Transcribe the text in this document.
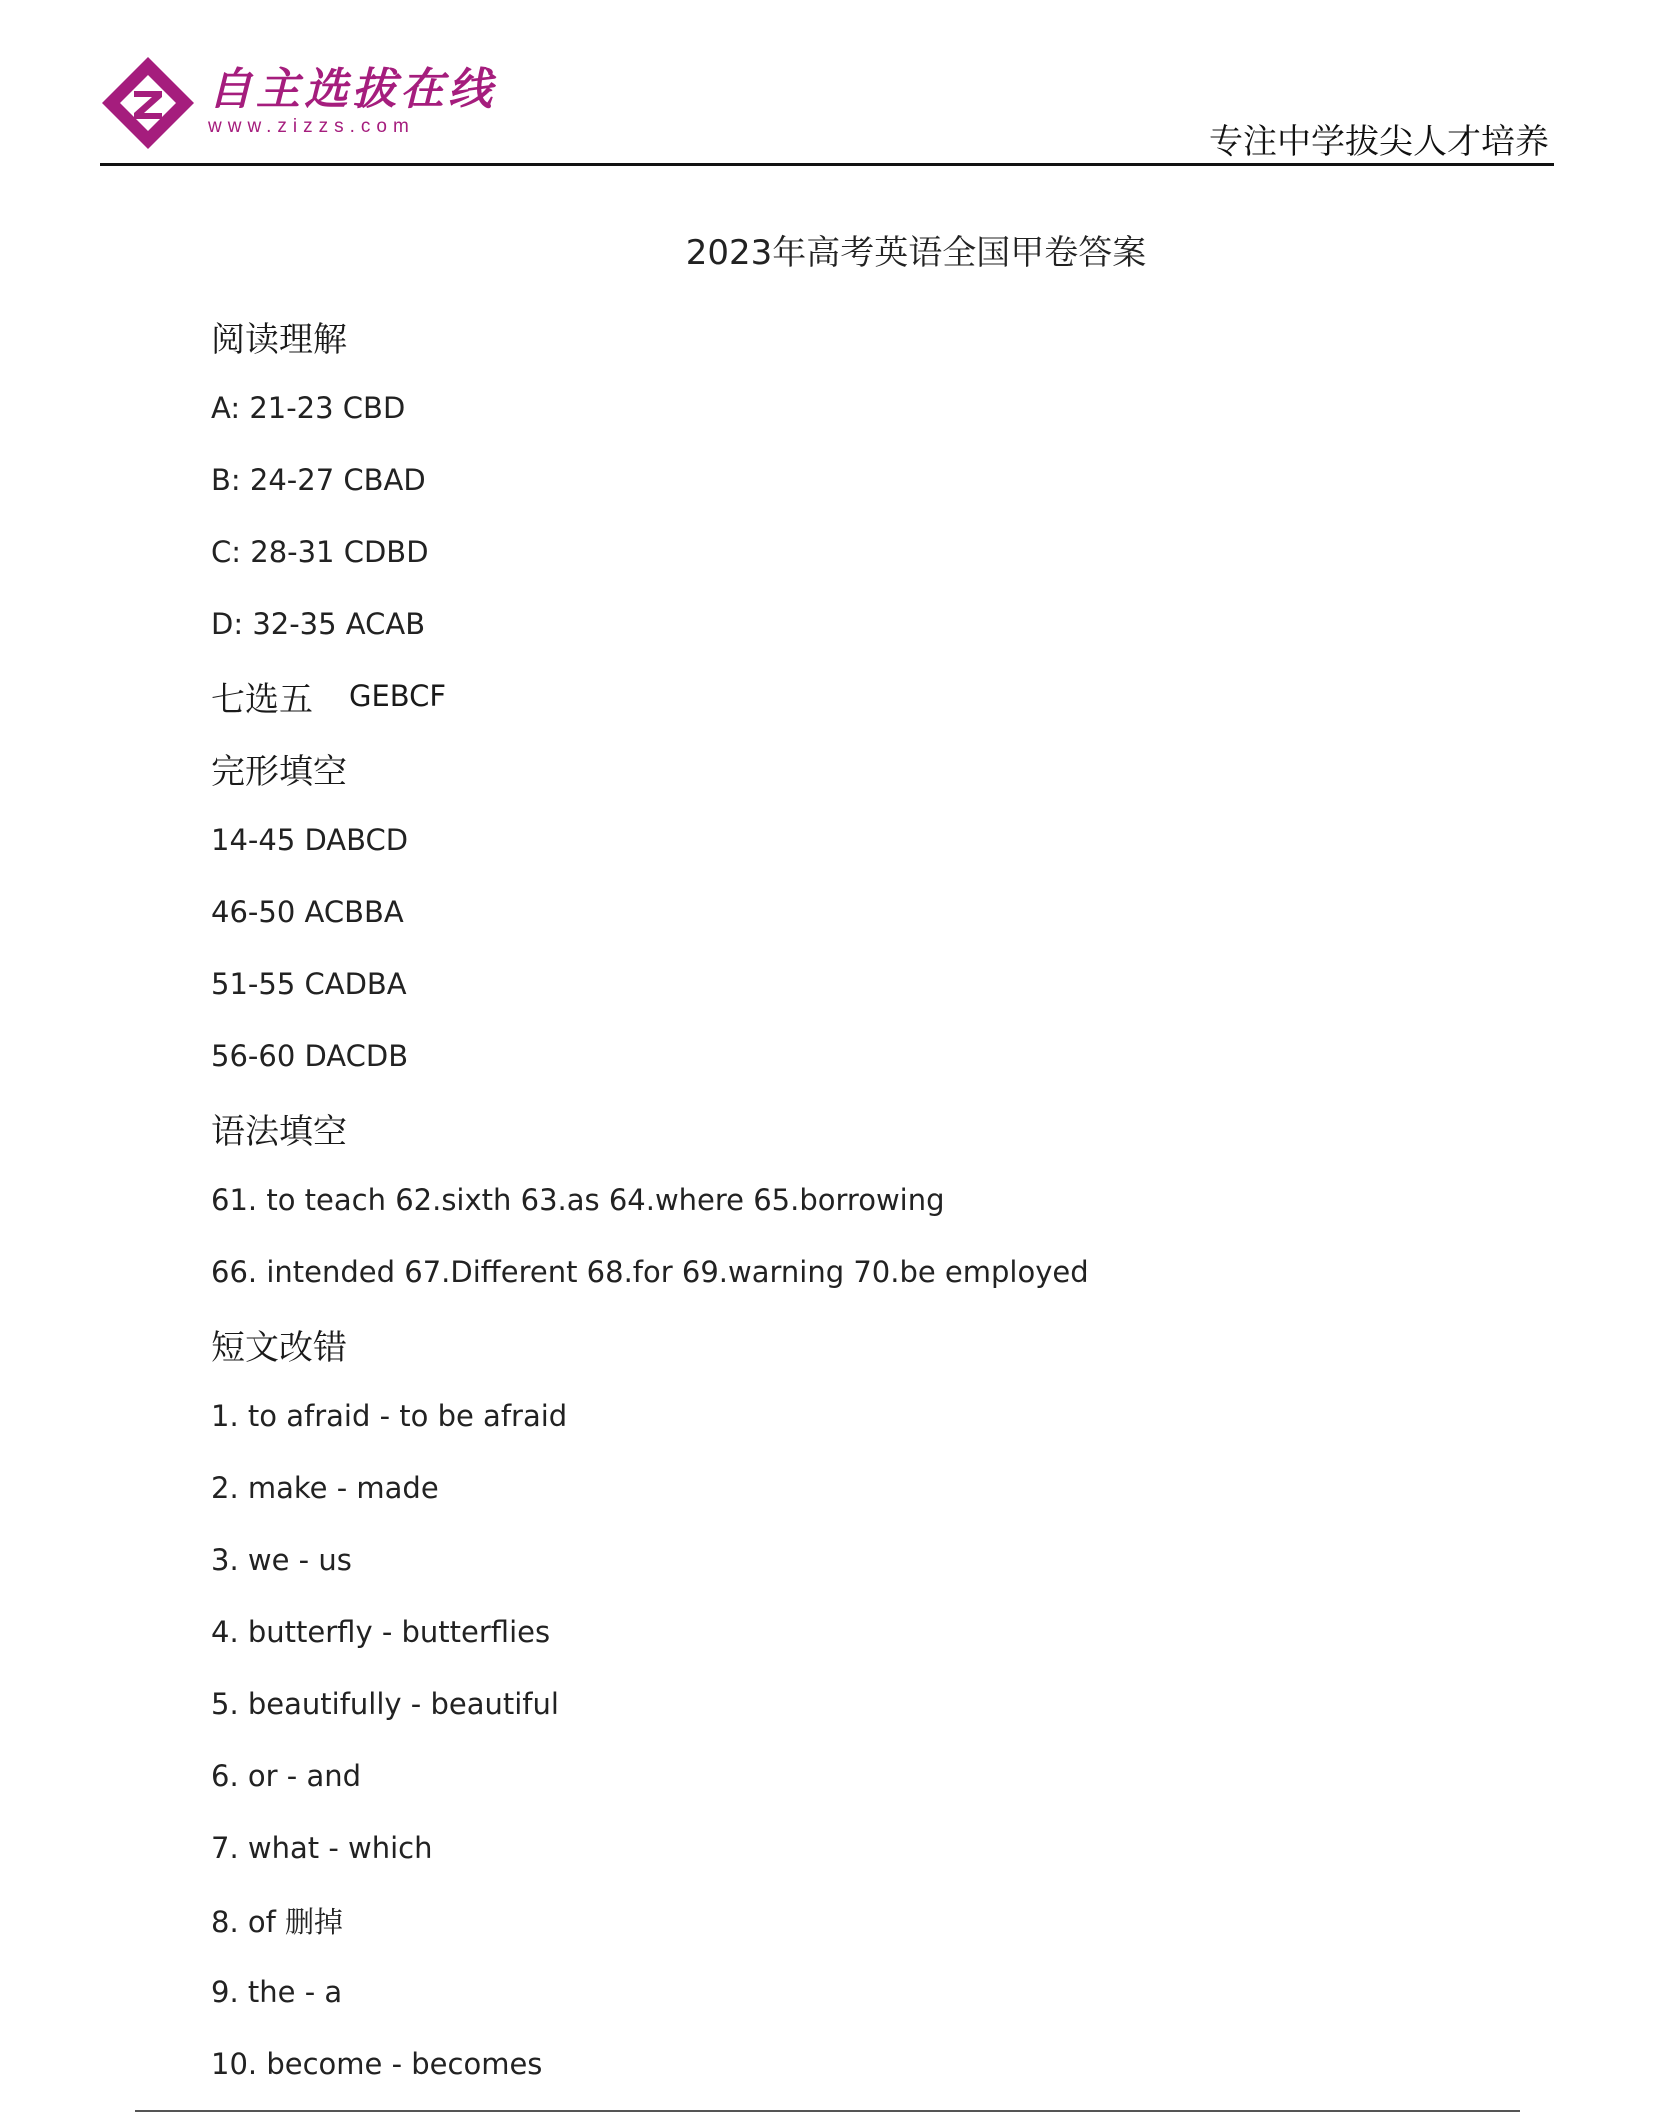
自主选拔在线
www.zizzs.com	专注中学拔尖人才培养
2023年高考英语全国甲卷答案
阅读理解
A: 21-23 CBD
B: 24-27 CBAD
C: 28-31 CDBD
D: 32-35 ACAB
七选五 GEBCF
完形填空
14-45 DABCD
46-50 ACBBA
51-55 CADBA
56-60 DACDB
语法填空
61. to teach 62.sixth 63.as 64.where 65.borrowing
66. intended 67.Different 68.for 69.warning 70.be employed
短文改错
1. to afraid - to be afraid
2. make - made
3. we - us
4. butterfly - butterflies
5. beautifully - beautiful
6. or - and
7. what - which
8. of 删掉
9. the - a
10. become - becomes
